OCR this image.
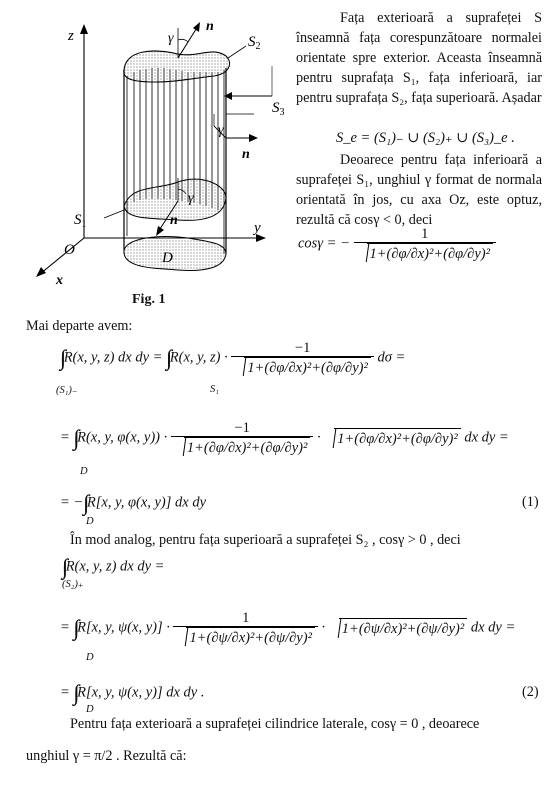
z
y
x
O
n⃗
γ	$S_2$
$S_3$
γ
n⃗
γ
n⃗
$S_1$
D
Fig. 1
Fața exterioară a suprafeței S înseamnă fața corespunzătoare normalei orientate spre exterior. Aceasta înseamnă pentru suprafața S₁, fața inferioară, iar pentru suprafața S₂, fața superioară. Așadar
S_e = (S₁)₋ ∪ (S₂)₊ ∪ (S₃)_e .
Deoarece pentru fața inferioară a suprafeței S₁, unghiul γ format de normala orientată în jos, cu axa Oz, este optuz, rezultă că cosγ < 0, deci
cosγ = − $\frac{1}{\text{1+(∂φ/∂x)²+(∂φ/∂y)²}}$
Mai departe avem:
∫∫ R(x, y, z) dx dy = ∫∫ R(x, y, $z) \cdot \frac{-1}{\text{1+(∂φ/∂x)²+(∂φ/∂y)²}}$ dσ =
(S₁)₋	S₁
= ∫∫ R(x, y, φ(x, $y)) \cdot \frac{-1}{\text{1+(∂φ/∂x)²+(∂φ/∂y)²}} \cdot 1+(\partial\varphi/\partial x)^2+(\partial\varphi/\partial y)^2$ dx dy =
D
= −∫∫ R[x, y, φ(x, y)] dx dy
D
(1)
În mod analog, pentru fața superioară a suprafeței S₂ , cosγ > 0 , deci
∫∫ R(x, y, z) dx dy =
(S₂)₊
= ∫∫ R[x, y, ψ(x, $y)] \cdot \frac{1}{\text{1+(∂ψ/∂x)²+(∂ψ/∂y)²}} \cdot 1+(\partial\psi/\partial x)^2+(\partial\psi/\partial y)^2$ dx dy =
D
= ∫∫ R[x, y, ψ(x, y)] dx dy .
D
(2)
Pentru fața exterioară a suprafeței cilindrice laterale, cosγ = 0 , deoarece
unghiul γ = π/2 . Rezultă că:
